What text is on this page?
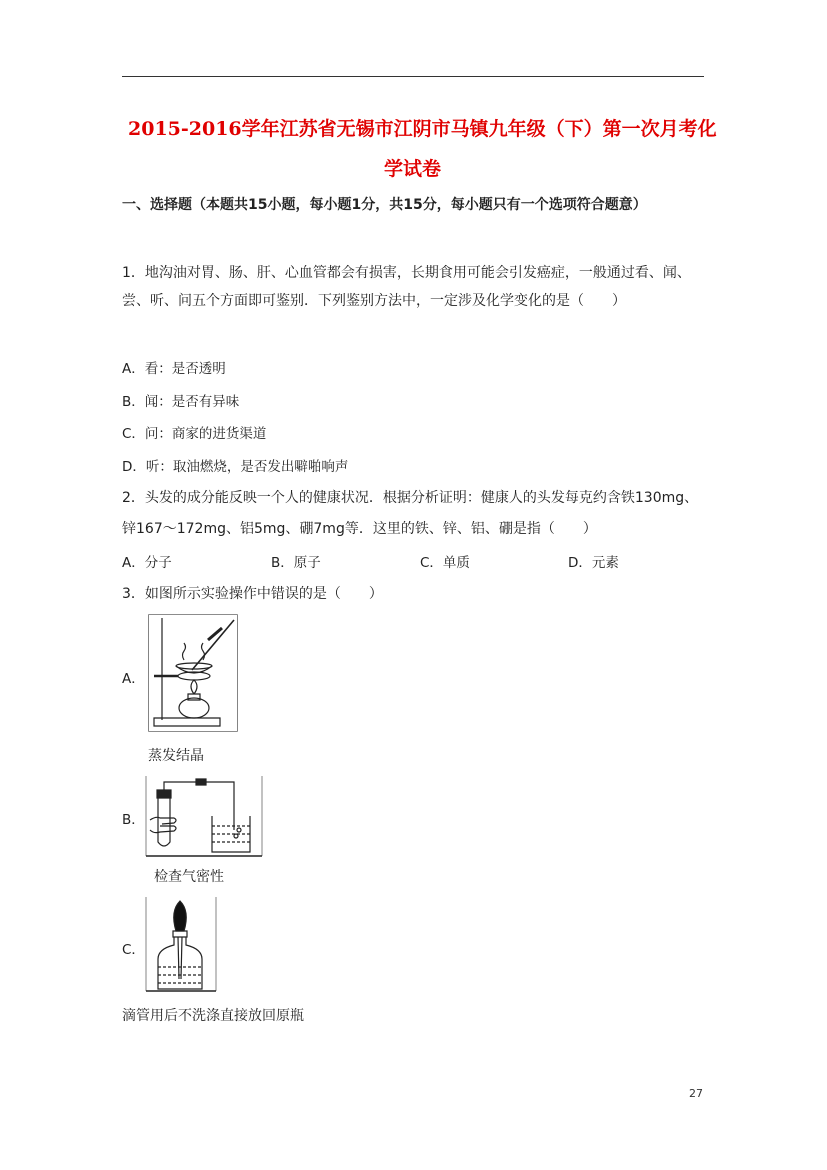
2015-2016学年江苏省无锡市江阴市马镇九年级（下）第一次月考化
学试卷
一、选择题（本题共15小题，每小题1分，共15分，每小题只有一个选项符合题意）
1．地沟油对胃、肠、肝、心血管都会有损害，长期食用可能会引发癌症，一般通过看、闻、
尝、听、问五个方面即可鉴别．下列鉴别方法中，一定涉及化学变化的是（　　）
A．看：是否透明
B．闻：是否有异味
C．问：商家的进货渠道
D．听：取油燃烧，是否发出噼啪响声
2．头发的成分能反映一个人的健康状况．根据分析证明：健康人的头发每克约含铁130mg、
锌167～172mg、铝5mg、硼7mg等．这里的铁、锌、铝、硼是指（　　）
A．分子	B．原子	C．单质	D．元素
3．如图所示实验操作中错误的是（　　）
A．
蒸发结晶
B．
检查气密性
C．
滴管用后不洗涤直接放回原瓶
27
